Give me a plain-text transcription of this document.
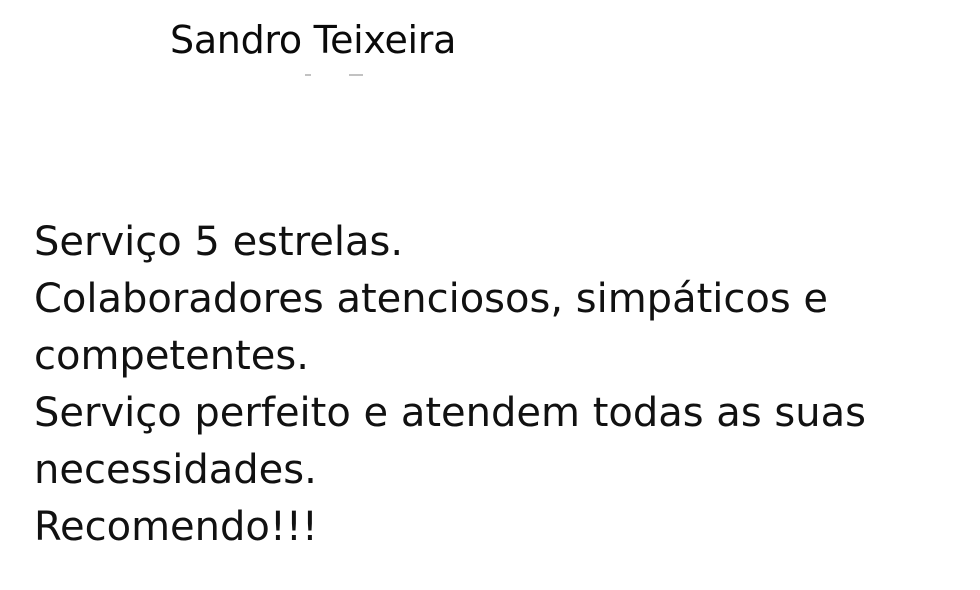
Sandro Teixeira
Serviço 5 estrelas.
Colaboradores atenciosos, simpáticos e
competentes.
Serviço perfeito e atendem todas as suas
necessidades.
Recomendo!!!
